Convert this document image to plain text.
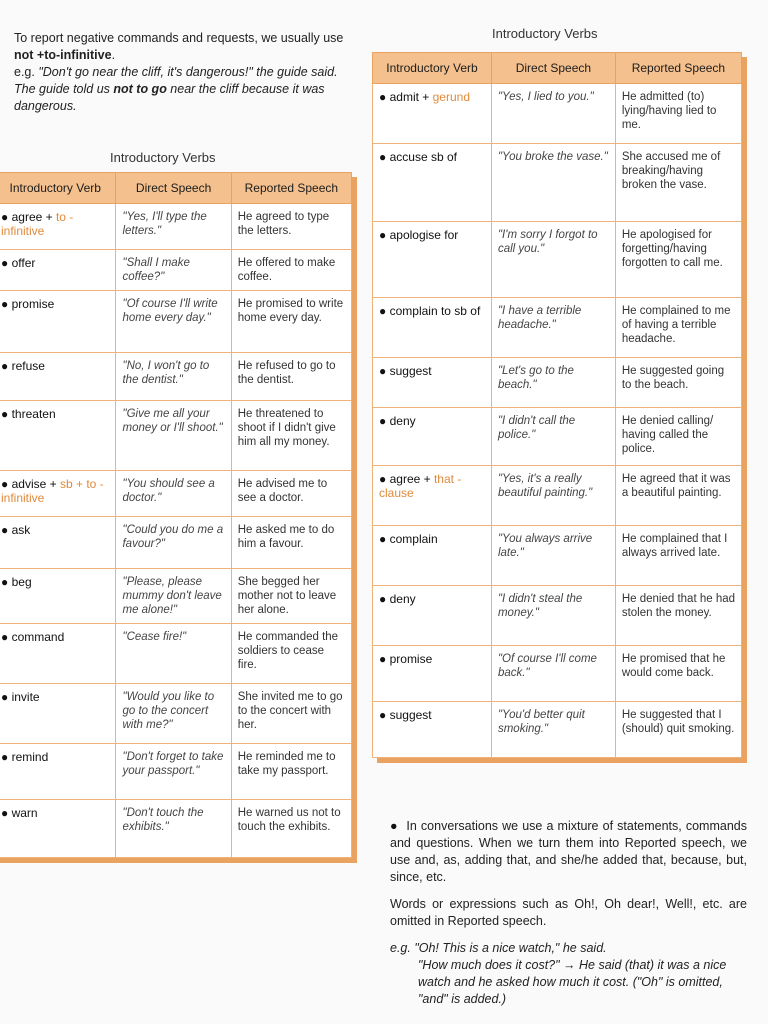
To report negative commands and requests, we usually use not +to-infinitive.
e.g. "Don't go near the cliff, it's dangerous!" the guide said. The guide told us not to go near the cliff because it was dangerous.
Introductory Verbs
Introductory Verb	Direct Speech	Reported Speech
● agree + to - infinitive	"Yes, I'll type the letters."	He agreed to type the letters.
● offer	"Shall I make coffee?"	He offered to make coffee.
● promise	"Of course I'll write home every day."	He promised to write home every day.
● refuse	"No, I won't go to the dentist."	He refused to go to the dentist.
● threaten	"Give me all your money or I'll shoot."	He threatened to shoot if I didn't give him all my money.
● advise + sb + to - infinitive	"You should see a doctor."	He advised me to see a doctor.
● ask	"Could you do me a favour?"	He asked me to do him a favour.
● beg	"Please, please mummy don't leave me alone!"	She begged her mother not to leave her alone.
● command	"Cease fire!"	He commanded the soldiers to cease fire.
● invite	"Would you like to go to the concert with me?"	She invited me to go to the concert with her.
● remind	"Don't forget to take your passport."	He reminded me to take my passport.
● warn	"Don't touch the exhibits."	He warned us not to touch the exhibits.
Introductory Verbs
Introductory Verb	Direct Speech	Reported Speech
● admit + gerund	"Yes, I lied to you."	He admitted (to) lying/having lied to me.
● accuse sb of	"You broke the vase."	She accused me of breaking/having broken the vase.
● apologise for	"I'm sorry I forgot to call you."	He apologised for forgetting/having forgotten to call me.
● complain to sb of	"I have a terrible headache."	He complained to me of having a terrible headache.
● suggest	"Let's go to the beach."	He suggested going to the beach.
● deny	"I didn't call the police."	He denied calling/ having called the police.
● agree + that -clause	"Yes, it's a really beautiful painting."	He agreed that it was a beautiful painting.
● complain	"You always arrive late."	He complained that I always arrived late.
● deny	"I didn't steal the money."	He denied that he had stolen the money.
● promise	"Of course I'll come back."	He promised that he would come back.
● suggest	"You'd better quit smoking."	He suggested that I (should) quit smoking.

●  In conversations we use a mixture of statements, commands and questions. When we turn them into Reported speech, we use and, as, adding that, and she/he added that, because, but, since, etc.

Words or expressions such as Oh!, Oh dear!, Well!, etc. are omitted in Reported speech.

e.g. "Oh! This is a nice watch," he said.

"How much does it cost?" → He said (that) it was a nice watch and he asked how much it cost. ("Oh" is omitted, "and" is added.)
